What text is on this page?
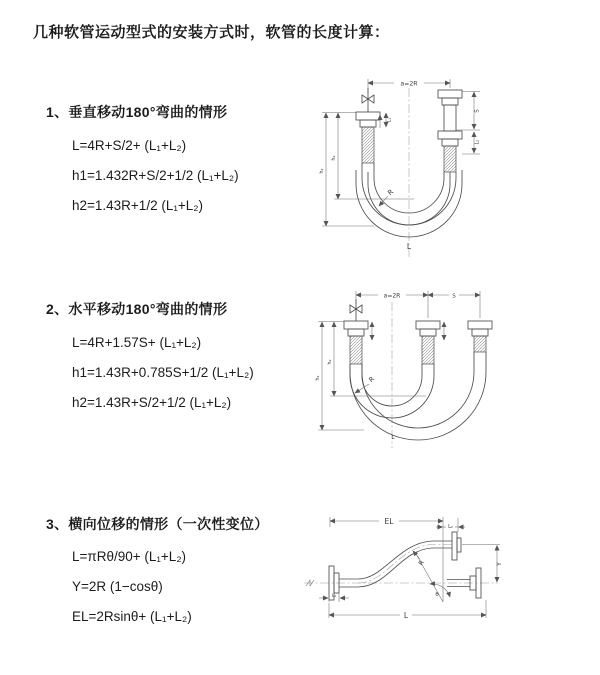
几种软管运动型式的安装方式时，软管的长度计算：
1、垂直移动180°弯曲的情形
L=4R+S/2+ (L₁+L₂)
h1=1.432R+S/2+1/2 (L₁+L₂)
h2=1.43R+1/2 (L₁+L₂)
2、水平移动180°弯曲的情形
L=4R+1.57S+ (L₁+L₂)
h1=1.43R+0.785S+1/2 (L₁+L₂)
h2=1.43R+S/2+1/2 (L₁+L₂)
3、横向位移的情形（一次性变位）
L=πRθ/90+ (L₁+L₂)
Y=2R (1−cosθ)
EL=2Rsinθ+ (L₁+L₂)
a=2R
L₁
S
L₂
h₁
h₂
R
L
a=2R	S
h₁
h₂
R
L
L₁
EL
L₂
Y
R
θ
L
